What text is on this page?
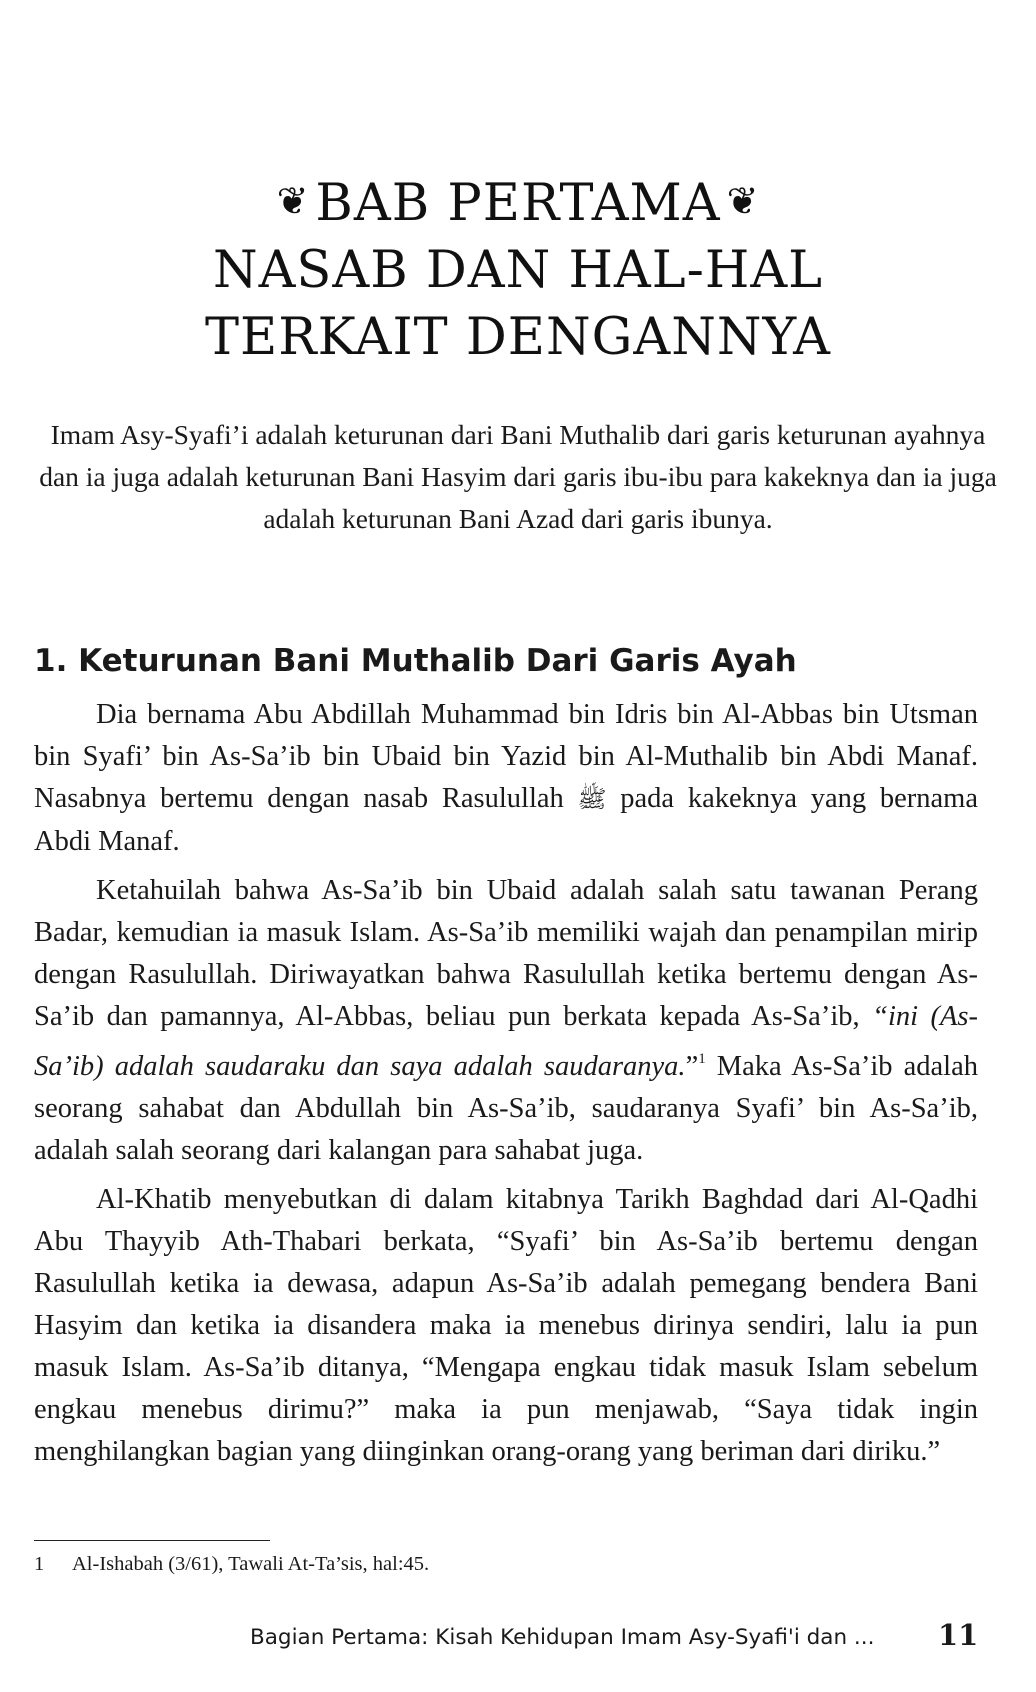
❦ BAB PERTAMA ❦
NASAB DAN HAL-HAL
TERKAIT DENGANNYA
Imam Asy-Syafi’i adalah keturunan dari Bani Muthalib dari garis keturunan ayahnya dan ia juga adalah keturunan Bani Hasyim dari garis ibu-ibu para kakeknya dan ia juga adalah keturunan Bani Azad dari garis ibunya.
1. Keturunan Bani Muthalib Dari Garis Ayah

Dia bernama Abu Abdillah Muhammad bin Idris bin Al-Abbas bin Utsman bin Syafi’ bin As-Sa’ib bin Ubaid bin Yazid bin Al-Muthalib bin Abdi Manaf. Nasabnya bertemu dengan nasab Rasulullah ﷺ pada kakeknya yang bernama Abdi Manaf.

Ketahuilah bahwa As-Sa’ib bin Ubaid adalah salah satu tawanan Perang Badar, kemudian ia masuk Islam. As-Sa’ib memiliki wajah dan penampilan mirip dengan Rasulullah. Diriwayatkan bahwa Rasulullah ketika bertemu dengan As-Sa’ib dan pamannya, Al-Abbas, beliau pun berkata kepada As-Sa’ib, “ini (As-Sa’ib) adalah saudaraku dan saya adalah saudaranya.”$^1$ Maka As-Sa’ib adalah seorang sahabat dan Abdullah bin As-Sa’ib, saudaranya Syafi’ bin As-Sa’ib, adalah salah seorang dari kalangan para sahabat juga.

Al-Khatib menyebutkan di dalam kitabnya Tarikh Baghdad dari Al-Qadhi Abu Thayyib Ath-Thabari berkata, “Syafi’ bin As-Sa’ib bertemu dengan Rasulullah ketika ia dewasa, adapun As-Sa’ib adalah pemegang bendera Bani Hasyim dan ketika ia disandera maka ia menebus dirinya sendiri, lalu ia pun masuk Islam. As-Sa’ib ditanya, “Mengapa engkau tidak masuk Islam sebelum engkau menebus dirimu?” maka ia pun menjawab, “Saya tidak ingin menghilangkan bagian yang diinginkan orang-orang yang beriman dari diriku.”

1 Al-Ishabah (3/61), Tawali At-Ta’sis, hal:45.
Bagian Pertama: Kisah Kehidupan Imam Asy-Syafi'i dan ... 11
